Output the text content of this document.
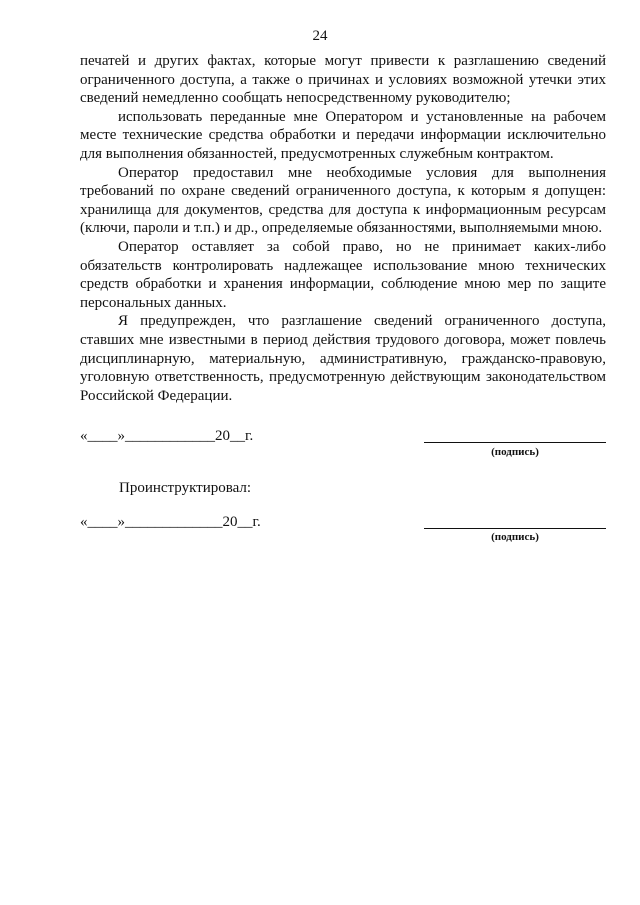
24

печатей и других фактах, которые могут привести к разглашению сведений ограниченного доступа, а также о причинах и условиях возможной утечки этих сведений немедленно сообщать непосредственному руководителю;

использовать переданные мне Оператором и установленные на рабочем месте технические средства обработки и передачи информации исключительно для выполнения обязанностей, предусмотренных служебным контрактом.

Оператор предоставил мне необходимые условия для выполнения требований по охране сведений ограниченного доступа, к которым я допущен: хранилища для документов, средства для доступа к информационным ресурсам (ключи, пароли и т.п.) и др., определяемые обязанностями, выполняемыми мною.

Оператор оставляет за собой право, но не принимает каких-либо обязательств контролировать надлежащее использование мною технических средств обработки и хранения информации, соблюдение мною мер по защите персональных данных.

Я предупрежден, что разглашение сведений ограниченного доступа, ставших мне известными в период действия трудового договора, может повлечь дисциплинарную, материальную, административную, гражданско-правовую, уголовную ответственность, предусмотренную действующим законодательством Российской Федерации.

«____»____________20__г.
(подпись)
Проинструктировал:
«____»_____________20__г.
(подпись)
